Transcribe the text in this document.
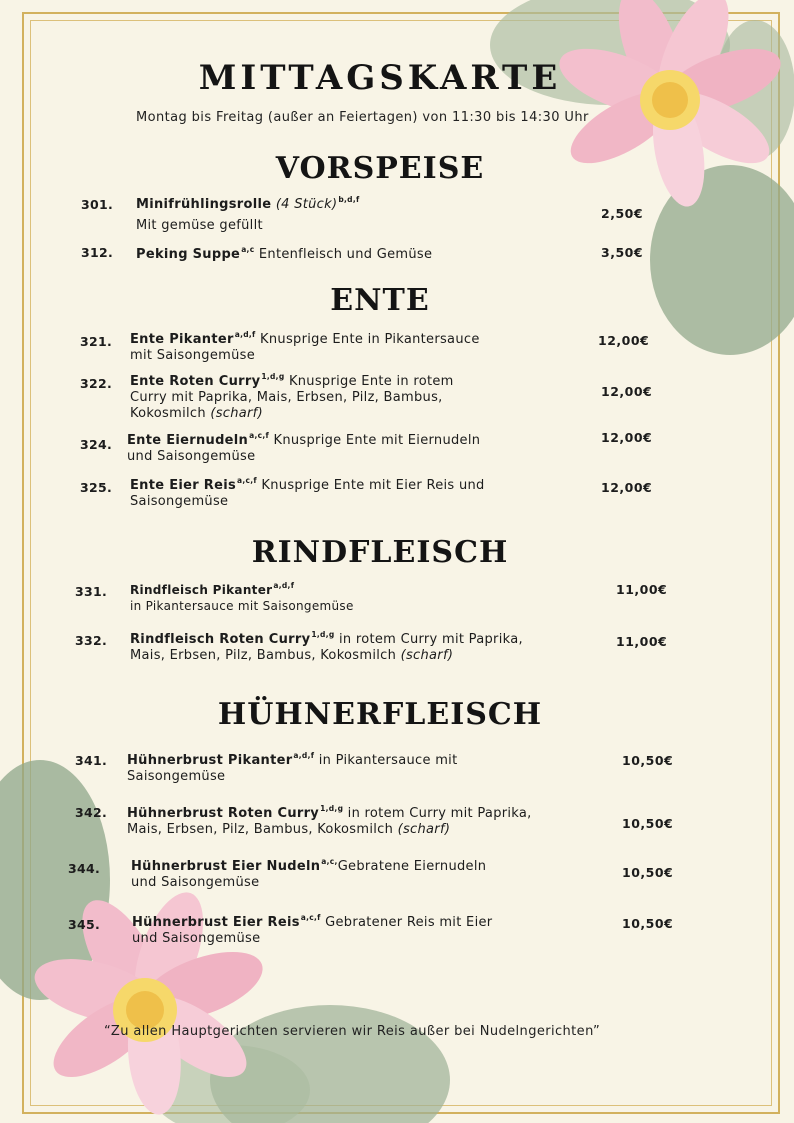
MITTAGSKARTE
Montag bis Freitag (außer an Feiertagen) von 11:30 bis 14:30 Uhr
VORSPEISE
301. Minifrühlingsrolle (4 Stück)$^{b,d,f}$
Mit gemüse gefüllt
2,50€
312. Peking Suppe$^{a,c}$ Entenfleisch und Gemüse	3,50€
ENTE
321. Ente Pikanter$^{a,d,f}$ Knusprige Ente in Pikantersauce
mit Saisongemüse
12,00€
322. Ente Roten Curry$^{1,d,g}$ Knusprige Ente in rotem
Curry mit Paprika, Mais, Erbsen, Pilz, Bambus,
Kokosmilch (scharf)
12,00€
324. Ente Eiernudeln$^{a,c,f}$ Knusprige Ente mit Eiernudeln
und Saisongemüse
12,00€
325. Ente Eier Reis$^{a,c,f}$ Knusprige Ente mit Eier Reis und
Saisongemüse
12,00€
RINDFLEISCH
331. Rindfleisch Pikanter$^{a,d,f}$
in Pikantersauce mit Saisongemüse
11,00€
332. Rindfleisch Roten Curry$^{1,d,g}$ in rotem Curry mit Paprika,
Mais, Erbsen, Pilz, Bambus, Kokosmilch (scharf)
11,00€
HÜHNERFLEISCH
341. Hühnerbrust Pikanter$^{a,d,f}$ in Pikantersauce mit
Saisongemüse
10,50€
342. Hühnerbrust Roten Curry$^{1,d,g}$ in rotem Curry mit Paprika,
Mais, Erbsen, Pilz, Bambus, Kokosmilch (scharf)	10,50€
344. Hühnerbrust Eier Nudeln$^{a,c,}$Gebratene Eiernudeln
und Saisongemüse
10,50€
345. Hühnerbrust Eier Reis$^{a,c,f}$ Gebratener Reis mit Eier
und Saisongemüse
10,50€
“Zu allen Hauptgerichten servieren wir Reis außer bei Nudelngerichten”
